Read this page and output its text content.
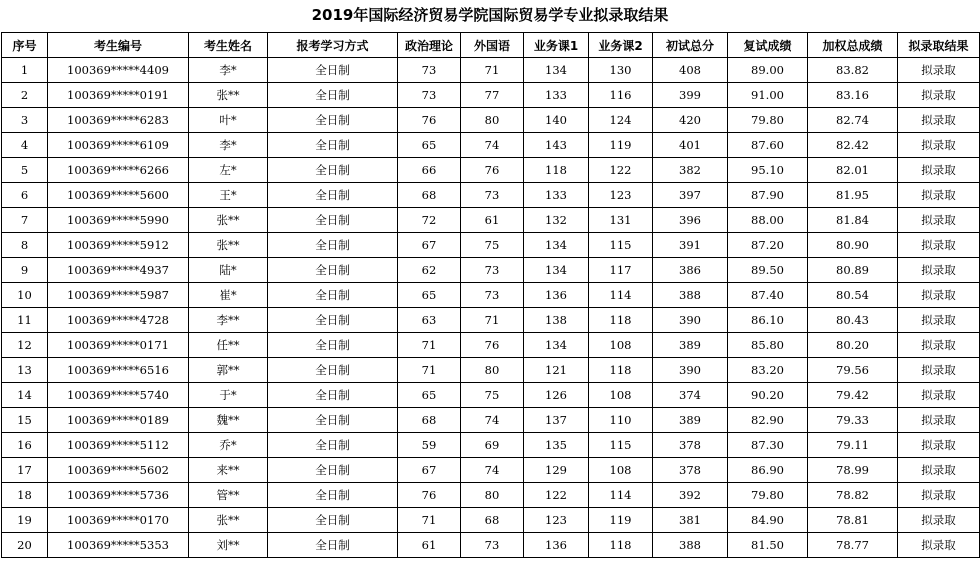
2019年国际经济贸易学院国际贸易学专业拟录取结果
序号	考生编号	考生姓名	报考学习方式	政治理论	外国语	业务课1	业务课2	初试总分	复试成绩	加权总成绩	拟录取结果
1	100369*****4409	李*	全日制	73	71	134	130	408	89.00	83.82	拟录取
2	100369*****0191	张**	全日制	73	77	133	116	399	91.00	83.16	拟录取
3	100369*****6283	叶*	全日制	76	80	140	124	420	79.80	82.74	拟录取
4	100369*****6109	李*	全日制	65	74	143	119	401	87.60	82.42	拟录取
5	100369*****6266	左*	全日制	66	76	118	122	382	95.10	82.01	拟录取
6	100369*****5600	王*	全日制	68	73	133	123	397	87.90	81.95	拟录取
7	100369*****5990	张**	全日制	72	61	132	131	396	88.00	81.84	拟录取
8	100369*****5912	张**	全日制	67	75	134	115	391	87.20	80.90	拟录取
9	100369*****4937	陆*	全日制	62	73	134	117	386	89.50	80.89	拟录取
10	100369*****5987	崔*	全日制	65	73	136	114	388	87.40	80.54	拟录取
11	100369*****4728	李**	全日制	63	71	138	118	390	86.10	80.43	拟录取
12	100369*****0171	任**	全日制	71	76	134	108	389	85.80	80.20	拟录取
13	100369*****6516	郭**	全日制	71	80	121	118	390	83.20	79.56	拟录取
14	100369*****5740	于*	全日制	65	75	126	108	374	90.20	79.42	拟录取
15	100369*****0189	魏**	全日制	68	74	137	110	389	82.90	79.33	拟录取
16	100369*****5112	乔*	全日制	59	69	135	115	378	87.30	79.11	拟录取
17	100369*****5602	来**	全日制	67	74	129	108	378	86.90	78.99	拟录取
18	100369*****5736	管**	全日制	76	80	122	114	392	79.80	78.82	拟录取
19	100369*****0170	张**	全日制	71	68	123	119	381	84.90	78.81	拟录取
20	100369*****5353	刘**	全日制	61	73	136	118	388	81.50	78.77	拟录取
